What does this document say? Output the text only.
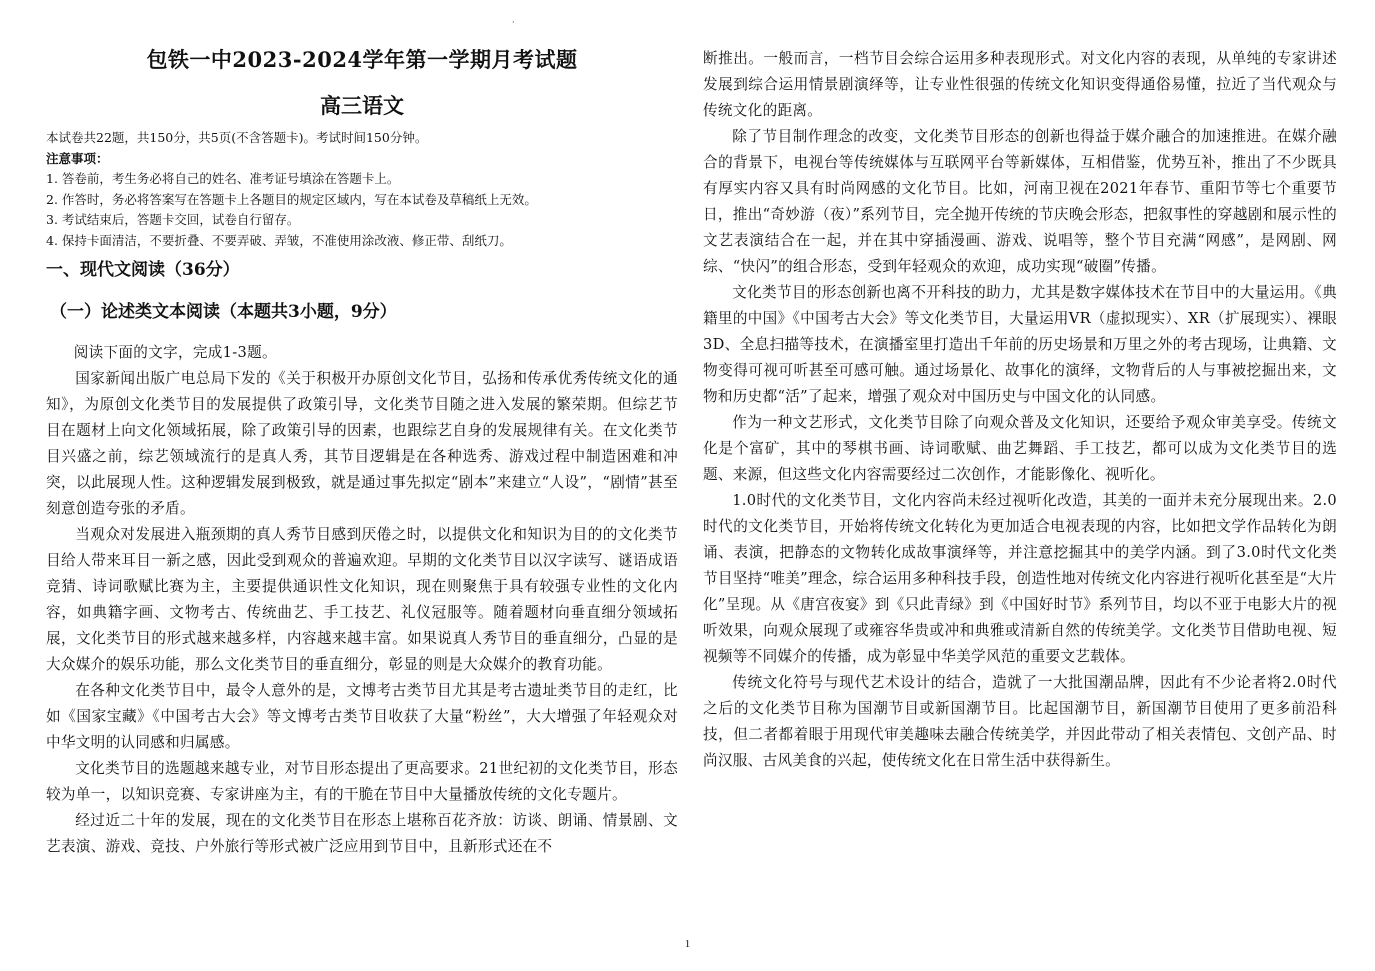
·
包铁一中2023-2024学年第一学期月考试题
高三语文

本试卷共22题，共150分，共5页(不含答题卡)。考试时间150分钟。

注意事项：

1. 答卷前，考生务必将自己的姓名、准考证号填涂在答题卡上。

2. 作答时，务必将答案写在答题卡上各题目的规定区域内，写在本试卷及草稿纸上无效。

3. 考试结束后，答题卡交回，试卷自行留存。

4. 保持卡面清洁，不要折叠、不要弄破、弄皱，不准使用涂改液、修正带、刮纸刀。

一、现代文阅读（36分）
（一）论述类文本阅读（本题共3小题，9分）

阅读下面的文字，完成1-3题。

国家新闻出版广电总局下发的《关于积极开办原创文化节目，弘扬和传承优秀传统文化的通知》，为原创文化类节目的发展提供了政策引导，文化类节目随之进入发展的繁荣期。但综艺节目在题材上向文化领域拓展，除了政策引导的因素，也跟综艺自身的发展规律有关。在文化类节目兴盛之前，综艺领域流行的是真人秀，其节目逻辑是在各种选秀、游戏过程中制造困难和冲突，以此展现人性。这种逻辑发展到极致，就是通过事先拟定“剧本”来建立“人设”，“剧情”甚至刻意创造夸张的矛盾。

当观众对发展进入瓶颈期的真人秀节目感到厌倦之时，以提供文化和知识为目的的文化类节目给人带来耳目一新之感，因此受到观众的普遍欢迎。早期的文化类节目以汉字读写、谜语成语竞猜、诗词歌赋比赛为主，主要提供通识性文化知识，现在则聚焦于具有较强专业性的文化内容，如典籍字画、文物考古、传统曲艺、手工技艺、礼仪冠服等。随着题材向垂直细分领域拓展，文化类节目的形式越来越多样，内容越来越丰富。如果说真人秀节目的垂直细分，凸显的是大众媒介的娱乐功能，那么文化类节目的垂直细分，彰显的则是大众媒介的教育功能。

在各种文化类节目中，最令人意外的是，文博考古类节目尤其是考古遗址类节目的走红，比如《国家宝藏》《中国考古大会》等文博考古类节目收获了大量“粉丝”，大大增强了年轻观众对中华文明的认同感和归属感。

文化类节目的选题越来越专业，对节目形态提出了更高要求。21世纪初的文化类节目，形态较为单一，以知识竞赛、专家讲座为主，有的干脆在节目中大量播放传统的文化专题片。

经过近二十年的发展，现在的文化类节目在形态上堪称百花齐放：访谈、朗诵、情景剧、文艺表演、游戏、竞技、户外旅行等形式被广泛应用到节目中，且新形式还在不

断推出。一般而言，一档节目会综合运用多种表现形式。对文化内容的表现，从单纯的专家讲述发展到综合运用情景剧演绎等，让专业性很强的传统文化知识变得通俗易懂，拉近了当代观众与传统文化的距离。

除了节目制作理念的改变，文化类节目形态的创新也得益于媒介融合的加速推进。在媒介融合的背景下，电视台等传统媒体与互联网平台等新媒体，互相借鉴，优势互补，推出了不少既具有厚实内容又具有时尚网感的文化节目。比如，河南卫视在2021年春节、重阳节等七个重要节日，推出“奇妙游（夜）”系列节目，完全抛开传统的节庆晚会形态，把叙事性的穿越剧和展示性的文艺表演结合在一起，并在其中穿插漫画、游戏、说唱等，整个节目充满“网感”，是网剧、网综、“快闪”的组合形态，受到年轻观众的欢迎，成功实现“破圈”传播。

文化类节目的形态创新也离不开科技的助力，尤其是数字媒体技术在节目中的大量运用。《典籍里的中国》《中国考古大会》等文化类节目，大量运用VR（虚拟现实）、XR（扩展现实）、裸眼3D、全息扫描等技术，在演播室里打造出千年前的历史场景和万里之外的考古现场，让典籍、文物变得可视可听甚至可感可触。通过场景化、故事化的演绎，文物背后的人与事被挖掘出来，文物和历史都“活”了起来，增强了观众对中国历史与中国文化的认同感。

作为一种文艺形式，文化类节目除了向观众普及文化知识，还要给予观众审美享受。传统文化是个富矿，其中的琴棋书画、诗词歌赋、曲艺舞蹈、手工技艺，都可以成为文化类节目的选题、来源，但这些文化内容需要经过二次创作，才能影像化、视听化。

1.0时代的文化类节目，文化内容尚未经过视听化改造，其美的一面并未充分展现出来。2.0时代的文化类节目，开始将传统文化转化为更加适合电视表现的内容，比如把文学作品转化为朗诵、表演，把静态的文物转化成故事演绎等，并注意挖掘其中的美学内涵。到了3.0时代文化类节目坚持“唯美”理念，综合运用多种科技手段，创造性地对传统文化内容进行视听化甚至是“大片化”呈现。从《唐宫夜宴》到《只此青绿》到《中国好时节》系列节目，均以不亚于电影大片的视听效果，向观众展现了或雍容华贵或冲和典雅或清新自然的传统美学。文化类节目借助电视、短视频等不同媒介的传播，成为彰显中华美学风范的重要文艺载体。

传统文化符号与现代艺术设计的结合，造就了一大批国潮品牌，因此有不少论者将2.0时代之后的文化类节目称为国潮节目或新国潮节目。比起国潮节目，新国潮节目使用了更多前沿科技，但二者都着眼于用现代审美趣味去融合传统美学，并因此带动了相关表情包、文创产品、时尚汉服、古风美食的兴起，使传统文化在日常生活中获得新生。

1
